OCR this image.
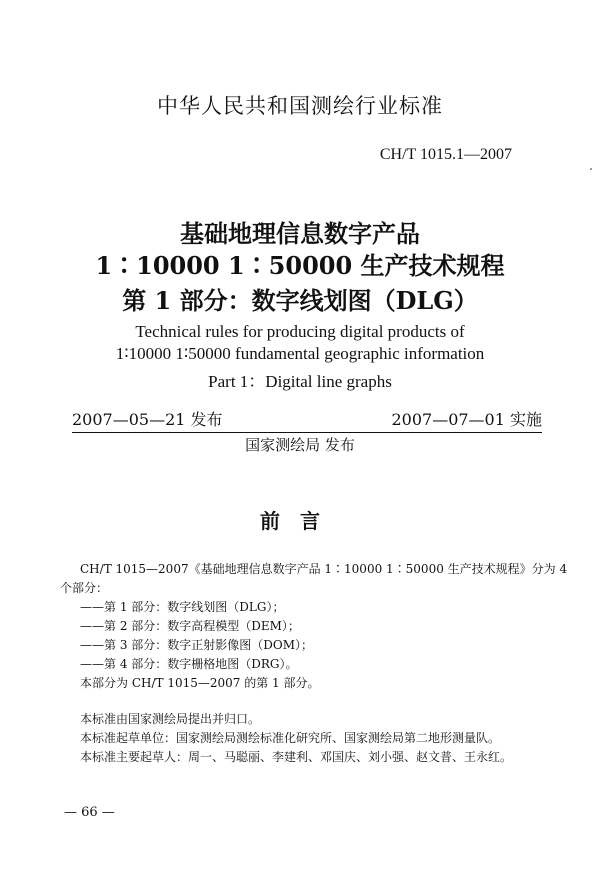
中华人民共和国测绘行业标准
CH/T 1015.1—2007
基础地理信息数字产品
1∶10000 1∶50000 生产技术规程
第 1 部分：数字线划图（DLG）
Technical rules for producing digital products of
1∶10000 1∶50000 fundamental geographic information
Part 1：Digital line graphs
2007—05—21 发布	2007—07—01 实施
国家测绘局 发布
前言
CH/T 1015—2007《基础地理信息数字产品 1∶10000 1∶50000 生产技术规程》分为 4
个部分：
——第 1 部分：数字线划图（DLG）；
——第 2 部分：数字高程模型（DEM）；
——第 3 部分：数字正射影像图（DOM）；
——第 4 部分：数字栅格地图（DRG）。
本部分为 CH/T 1015—2007 的第 1 部分。
本标准由国家测绘局提出并归口。
本标准起草单位：国家测绘局测绘标准化研究所、国家测绘局第二地形测量队。
本标准主要起草人：周一、马聪丽、李建利、邓国庆、刘小强、赵文普、王永红。
— 66 —
